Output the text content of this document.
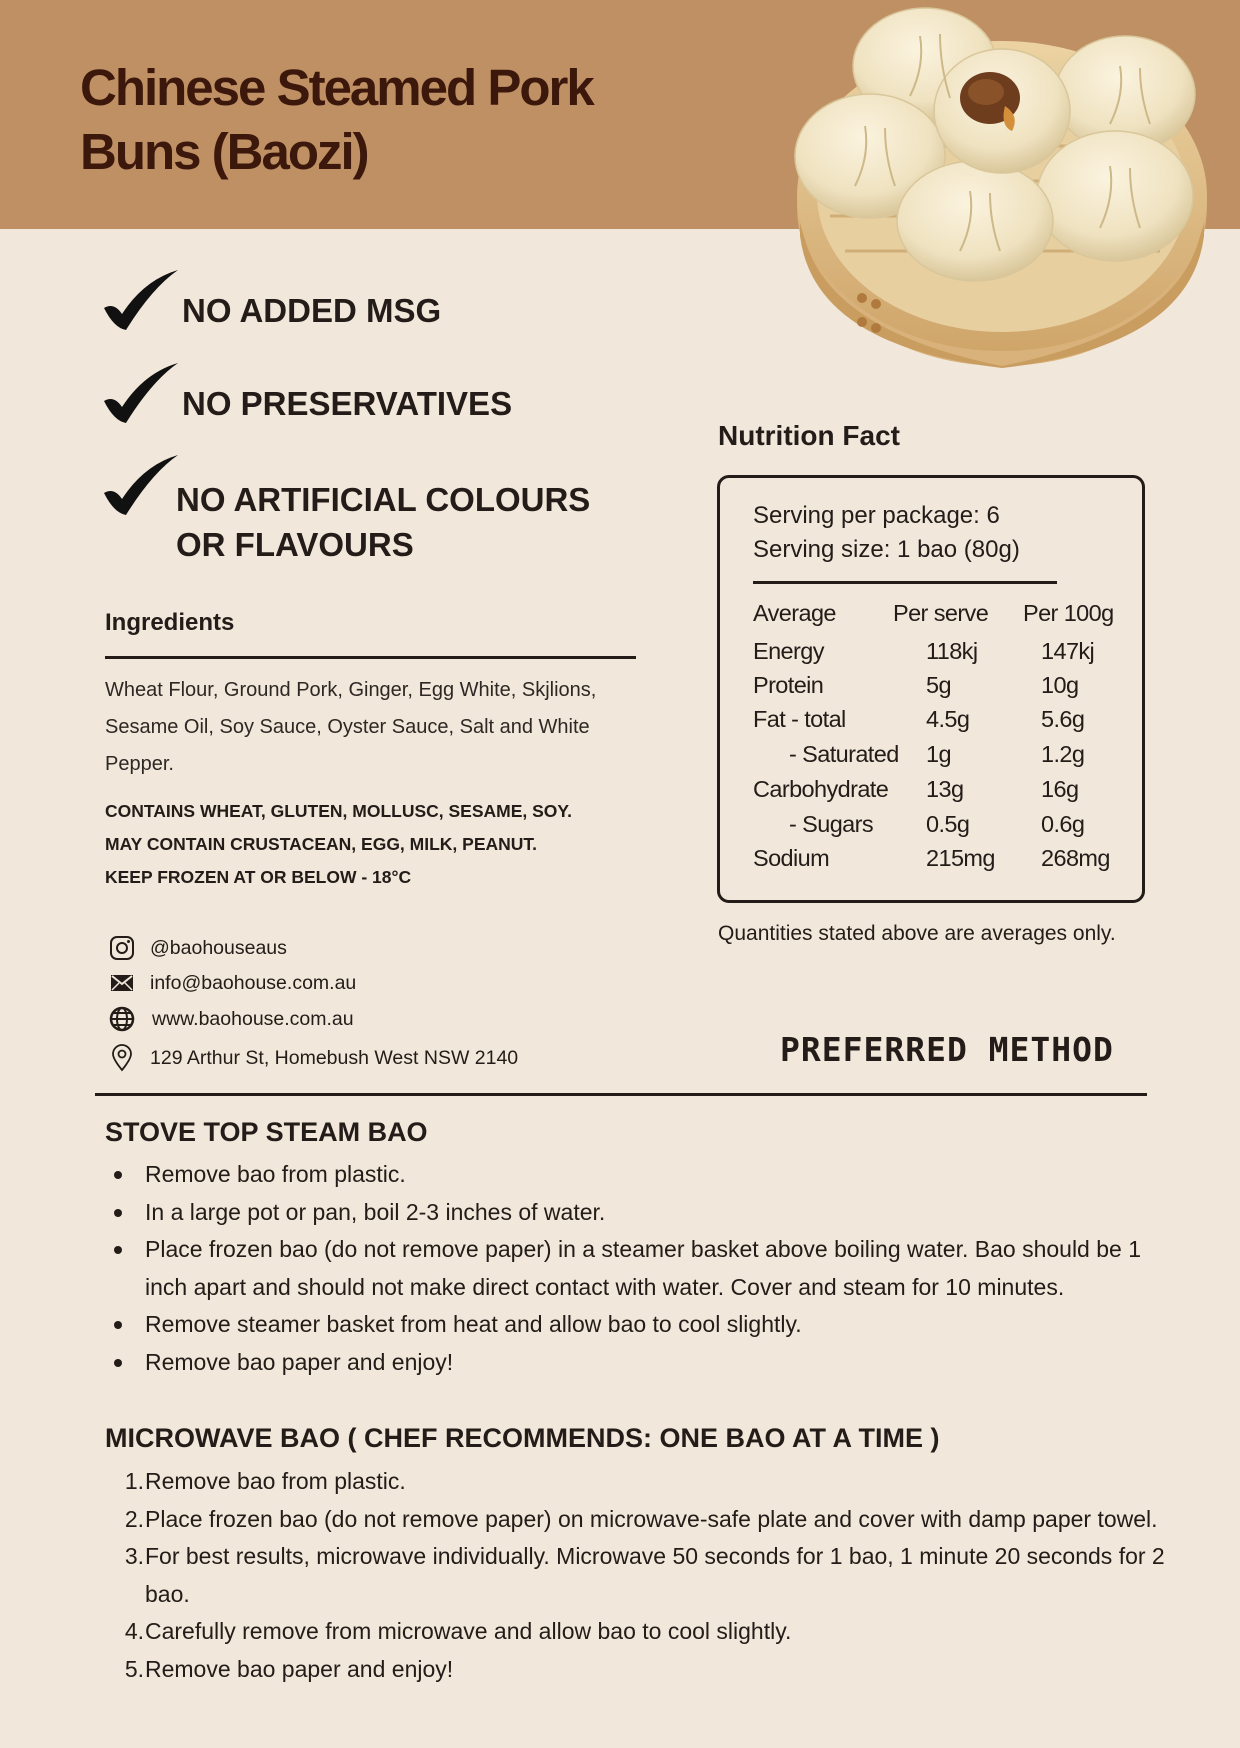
Chinese Steamed Pork Buns (Baozi)
NO ADDED MSG
NO PRESERVATIVES
NO ARTIFICIAL COLOURS OR FLAVOURS
Ingredients
Wheat Flour, Ground Pork, Ginger, Egg White, Skjlions, Sesame Oil, Soy Sauce, Oyster Sauce, Salt and White Pepper.
CONTAINS WHEAT, GLUTEN, MOLLUSC, SESAME, SOY.
MAY CONTAIN CRUSTACEAN, EGG, MILK, PEANUT.
KEEP FROZEN AT OR BELOW - 18°C
@baohouseaus
info@baohouse.com.au
www.baohouse.com.au
129 Arthur St, Homebush West NSW 2140
Nutrition Fact
Serving per package: 6
Serving size: 1 bao (80g)
Average Per serve Per 100g
Energy	118kj	147kj
Protein	5g	10g
Fat - total	4.5g	5.6g
- Saturated 1g	1.2g
Carbohydrate 13g	16g
- Sugars 0.5g	0.6g
Sodium	215mg 268mg
Quantities stated above are averages only.
PREFERRED METHOD
STOVE TOP STEAM BAO
Remove bao from plastic.
In a large pot or pan, boil 2-3 inches of water.
Place frozen bao (do not remove paper) in a steamer basket above boiling water. Bao should be 1 inch apart and should not make direct contact with water. Cover and steam for 10 minutes.
Remove steamer basket from heat and allow bao to cool slightly.
Remove bao paper and enjoy!
MICROWAVE BAO ( CHEF RECOMMENDS: ONE BAO AT A TIME )
1. Remove bao from plastic.
2. Place frozen bao (do not remove paper) on microwave-safe plate and cover with damp paper towel.
3. For best results, microwave individually. Microwave 50 seconds for 1 bao, 1 minute 20 seconds for 2 bao.
4. Carefully remove from microwave and allow bao to cool slightly.
5. Remove bao paper and enjoy!
